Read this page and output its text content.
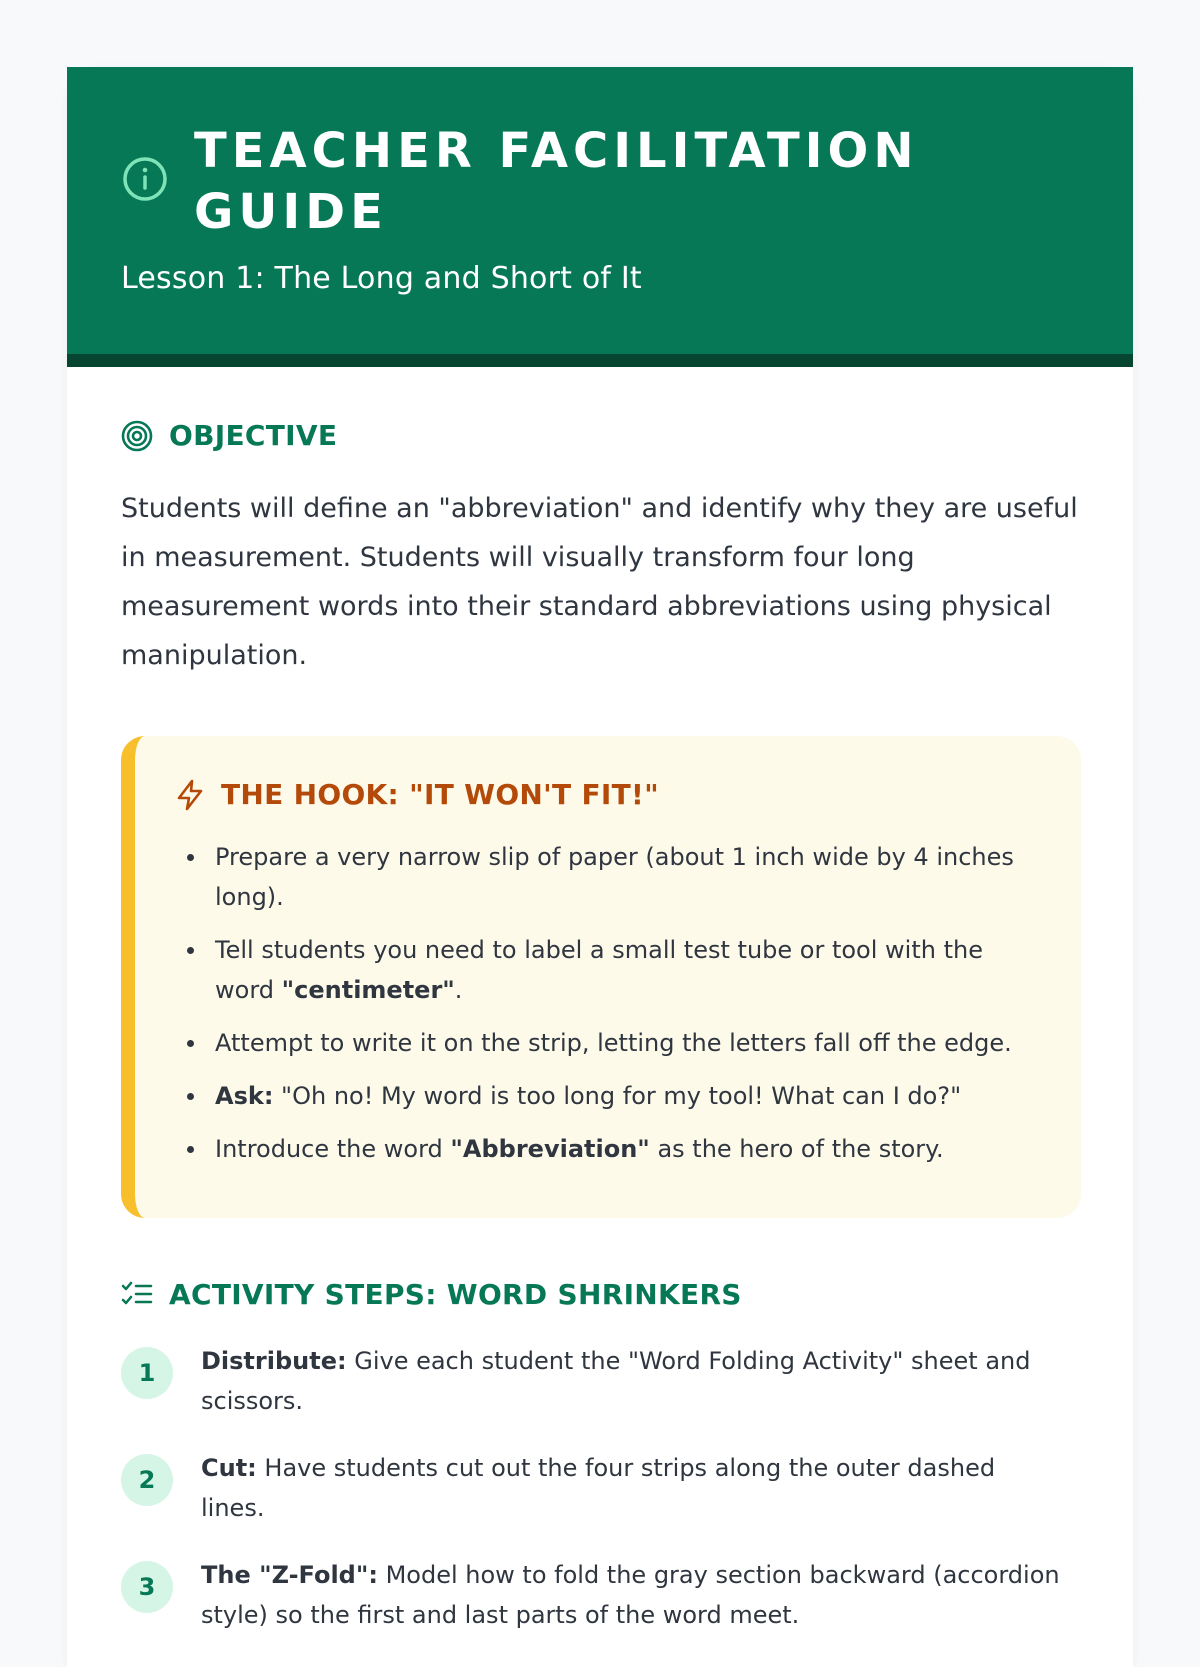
TEACHER FACILITATION GUIDE
Lesson 1: The Long and Short of It
OBJECTIVE

Students will define an "abbreviation" and identify why they are useful in measurement. Students will visually transform four long measurement words into their standard abbreviations using physical manipulation.

THE HOOK: "IT WON'T FIT!"
Prepare a very narrow slip of paper (about 1 inch wide by 4 inches long).
Tell students you need to label a small test tube or tool with the word "centimeter".
Attempt to write it on the strip, letting the letters fall off the edge.
Ask: "Oh no! My word is too long for my tool! What can I do?"
Introduce the word "Abbreviation" as the hero of the story.
ACTIVITY STEPS: WORD SHRINKERS
1	Distribute: Give each student the "Word Folding Activity" sheet and scissors.
2	Cut: Have students cut out the four strips along the outer dashed lines.
3	The "Z-Fold": Model how to fold the gray section backward (accordion style) so the first and last parts of the word meet.
